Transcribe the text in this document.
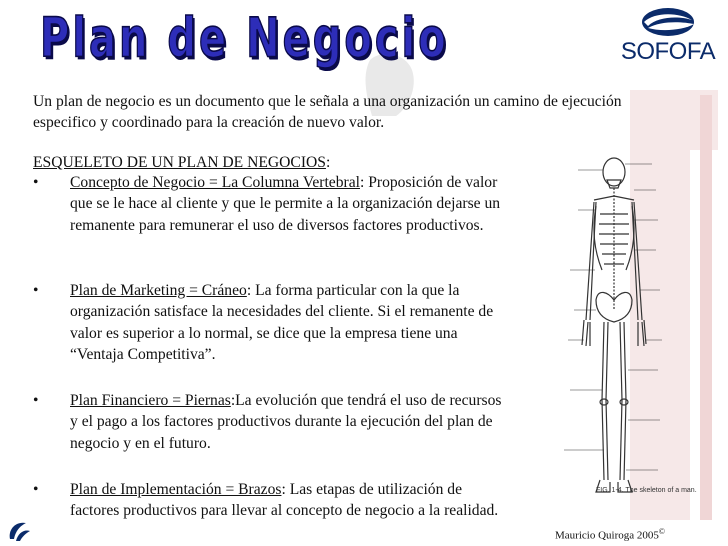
Plan de Negocio	SOFOFA
Un plan de negocio es un documento que le señala a una organización un camino de ejecución especifico y coordinado para la creación de nuevo valor.
ESQUELETO DE UN PLAN DE NEGOCIOS:
• Concepto de Negocio = La Columna Vertebral: Proposición de valor que se le hace al cliente y que le permite a la organización dejarse un remanente para remunerar el uso de diversos factores productivos.
• Plan de Marketing = Cráneo: La forma particular con la que la organización satisface la necesidades del cliente. Si el remanente de valor es superior a lo normal, se dice que la empresa tiene una “Ventaja Competitiva”.
• Plan Financiero = Piernas:La evolución que tendrá el uso de recursos y el pago a los factores productivos durante la ejecución del plan de negocio y en el futuro.
• Plan de Implementación = Brazos: Las etapas de utilización de factores productivos para llevar al concepto de negocio a la realidad.
FIG. 1-4. The skeleton of a man.
Mauricio Quiroga 2005©
